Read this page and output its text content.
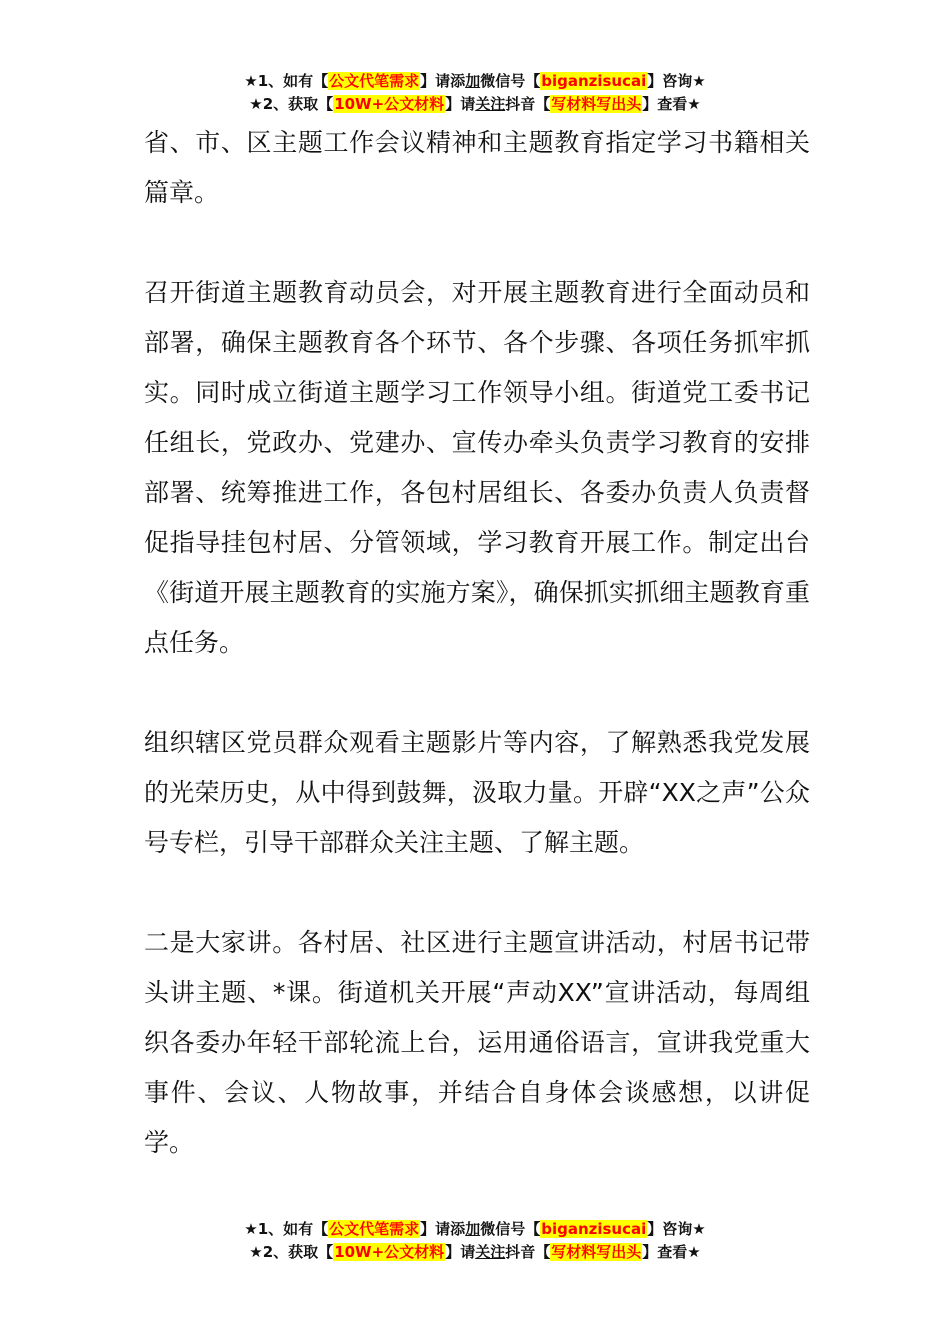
★1、如有【公文代笔需求】请添加微信号【biganzisucai】咨询★
★2、获取【10W+公文材料】请关注抖音【写材料写出头】查看★

省、市、区主题工作会议精神和主题教育指定学习书籍相关篇章。

召开街道主题教育动员会，对开展主题教育进行全面动员和部署，确保主题教育各个环节、各个步骤、各项任务抓牢抓实。同时成立街道主题学习工作领导小组。街道党工委书记任组长，党政办、党建办、宣传办牵头负责学习教育的安排部署、统筹推进工作，各包村居组长、各委办负责人负责督促指导挂包村居、分管领域，学习教育开展工作。制定出台《街道开展主题教育的实施方案》，确保抓实抓细主题教育重点任务。

组织辖区党员群众观看主题影片等内容，了解熟悉我党发展的光荣历史，从中得到鼓舞，汲取力量。开辟“XX之声”公众号专栏，引导干部群众关注主题、了解主题。

二是大家讲。各村居、社区进行主题宣讲活动，村居书记带头讲主题、*课。街道机关开展“声动XX”宣讲活动，每周组织各委办年轻干部轮流上台，运用通俗语言，宣讲我党重大事件、会议、人物故事，并结合自身体会谈感想，以讲促学。

★1、如有【公文代笔需求】请添加微信号【biganzisucai】咨询★
★2、获取【10W+公文材料】请关注抖音【写材料写出头】查看★
